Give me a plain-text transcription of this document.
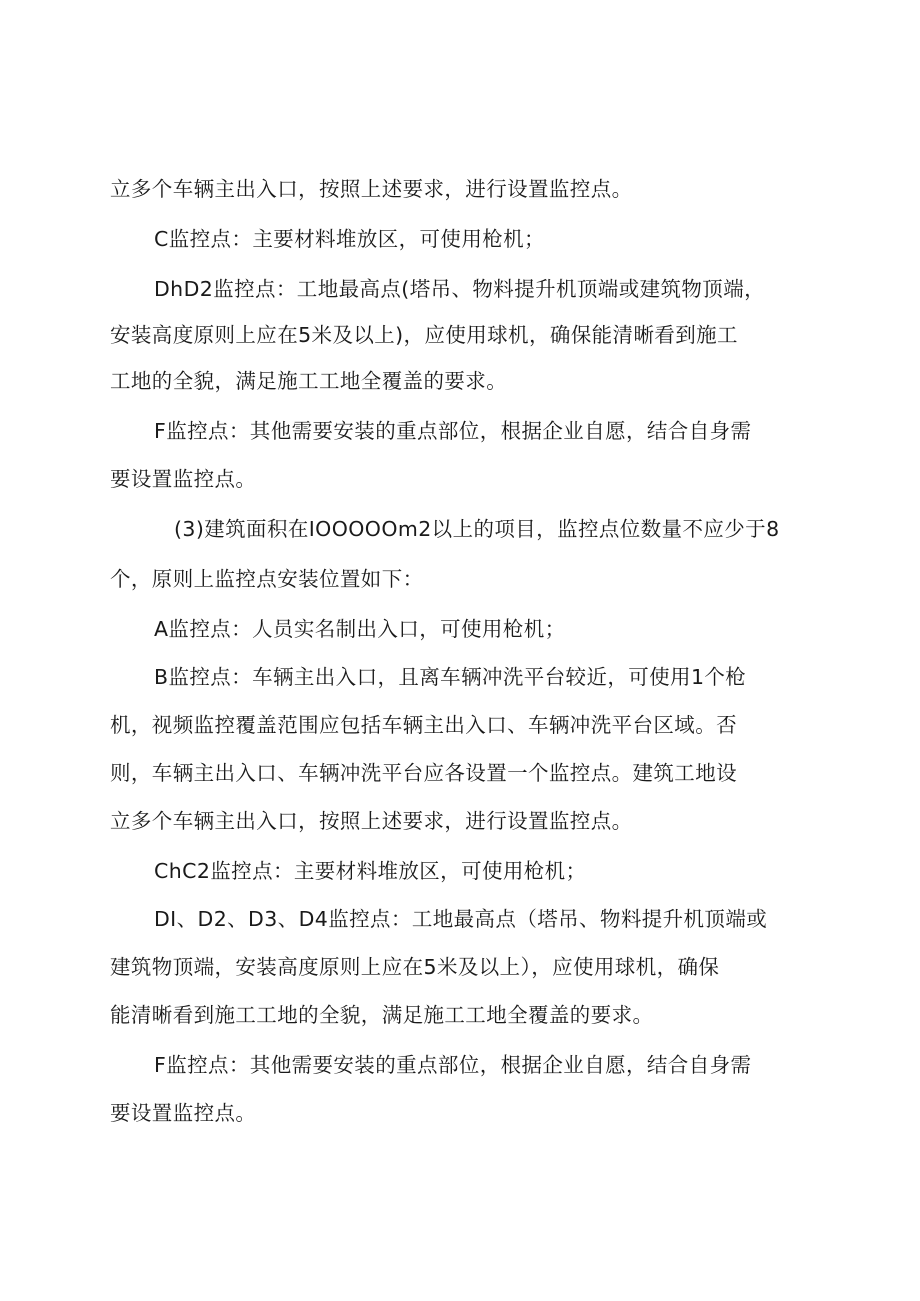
立多个车辆主出入口，按照上述要求，进行设置监控点。

C监控点：主要材料堆放区，可使用枪机；

DhD2监控点：工地最高点(塔吊、物料提升机顶端或建筑物顶端，

安装高度原则上应在5米及以上)，应使用球机，确保能清晰看到施工

工地的全貌，满足施工工地全覆盖的要求。

F监控点：其他需要安装的重点部位，根据企业自愿，结合自身需

要设置监控点。

(3)建筑面积在IOOOOOm2以上的项目，监控点位数量不应少于8

个，原则上监控点安装位置如下：

A监控点：人员实名制出入口，可使用枪机；

B监控点：车辆主出入口，且离车辆冲洗平台较近，可使用1个枪

机，视频监控覆盖范围应包括车辆主出入口、车辆冲洗平台区域。否

则，车辆主出入口、车辆冲洗平台应各设置一个监控点。建筑工地设

立多个车辆主出入口，按照上述要求，进行设置监控点。

ChC2监控点：主要材料堆放区，可使用枪机；

DI、D2、D3、D4监控点：工地最高点（塔吊、物料提升机顶端或

建筑物顶端，安装高度原则上应在5米及以上），应使用球机，确保

能清晰看到施工工地的全貌，满足施工工地全覆盖的要求。

F监控点：其他需要安装的重点部位，根据企业自愿，结合自身需

要设置监控点。
